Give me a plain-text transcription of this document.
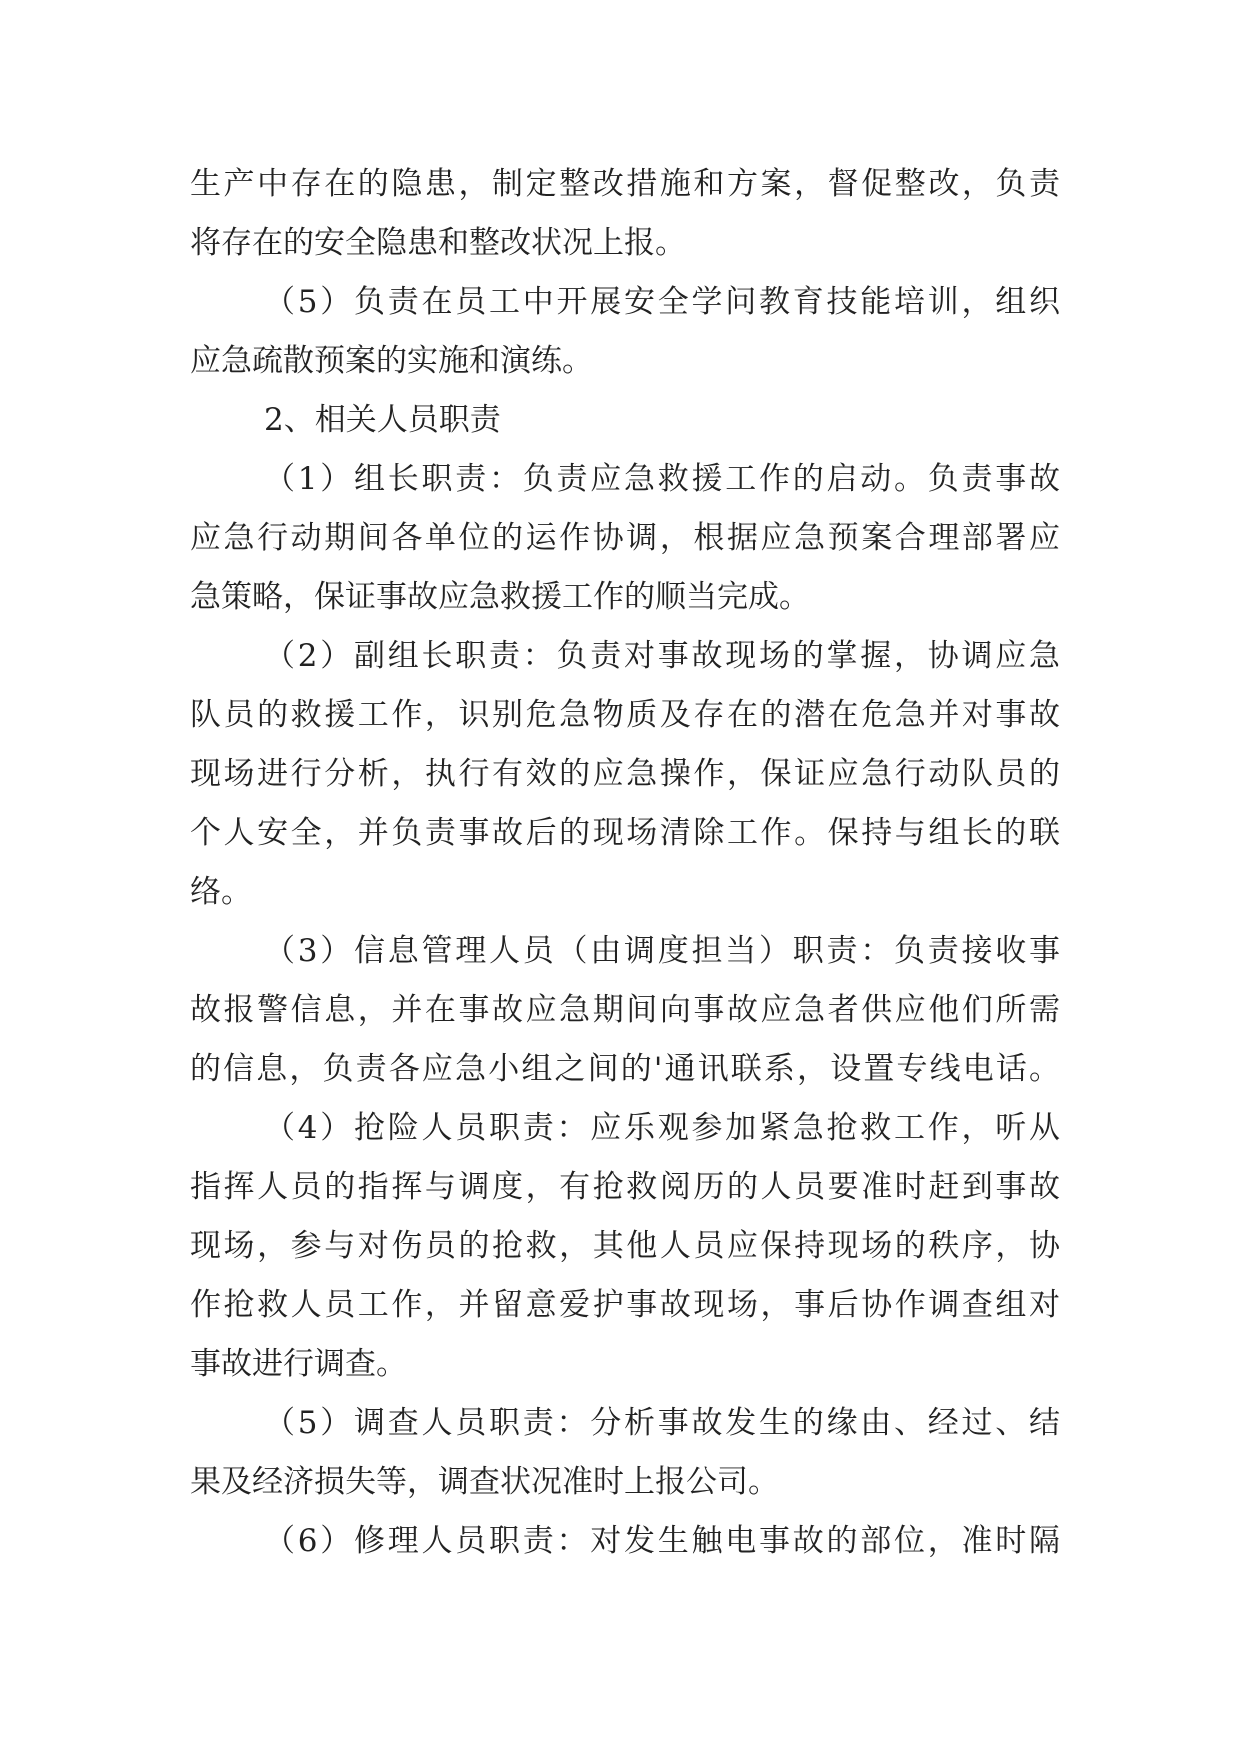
生产中存在的隐患，制定整改措施和方案，督促整改，负责
将存在的安全隐患和整改状况上报。
（5）负责在员工中开展安全学问教育技能培训，组织
应急疏散预案的实施和演练。
2、相关人员职责
（1）组长职责：负责应急救援工作的启动。负责事故
应急行动期间各单位的运作协调，根据应急预案合理部署应
急策略，保证事故应急救援工作的顺当完成。
（2）副组长职责：负责对事故现场的掌握，协调应急
队员的救援工作，识别危急物质及存在的潜在危急并对事故
现场进行分析，执行有效的应急操作，保证应急行动队员的
个人安全，并负责事故后的现场清除工作。保持与组长的联
络。
（3）信息管理人员（由调度担当）职责：负责接收事
故报警信息，并在事故应急期间向事故应急者供应他们所需
的信息，负责各应急小组之间的'通讯联系，设置专线电话。
（4）抢险人员职责：应乐观参加紧急抢救工作，听从
指挥人员的指挥与调度，有抢救阅历的人员要准时赶到事故
现场，参与对伤员的抢救，其他人员应保持现场的秩序，协
作抢救人员工作，并留意爱护事故现场，事后协作调查组对
事故进行调查。
（5）调查人员职责：分析事故发生的缘由、经过、结
果及经济损失等，调查状况准时上报公司。
（6）修理人员职责：对发生触电事故的部位，准时隔
